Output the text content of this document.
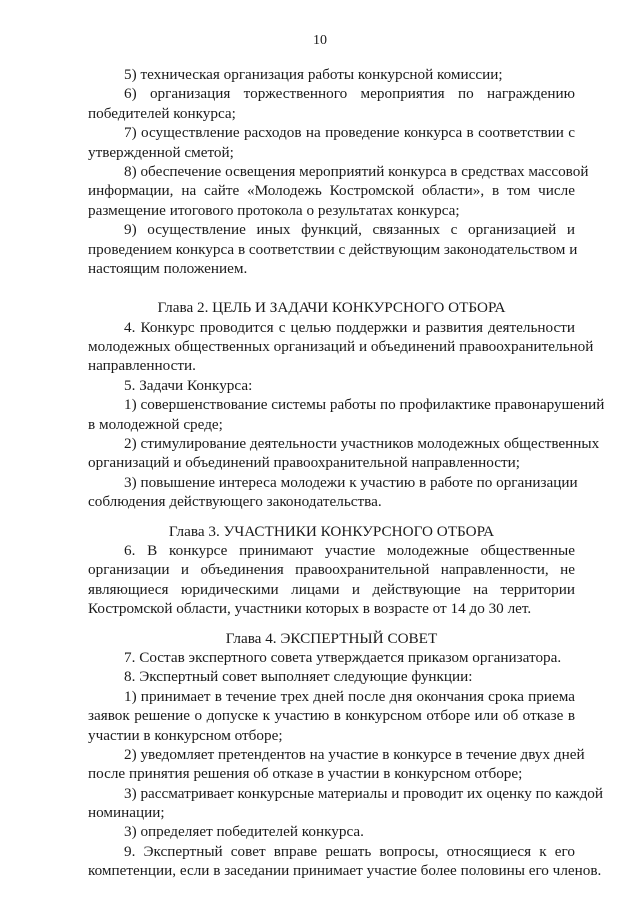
10
5) техническая организация работы конкурсной комиссии;
6) организация торжественного мероприятия по награждению
победителей конкурса;
7) осуществление расходов на проведение конкурса в соответствии с
утвержденной сметой;
8) обеспечение освещения мероприятий конкурса в средствах массовой
информации, на сайте «Молодежь Костромской области», в том числе
размещение итогового протокола о результатах конкурса;
9) осуществление иных функций, связанных с организацией и
проведением конкурса в соответствии с действующим законодательством и
настоящим положением.
Глава 2. ЦЕЛЬ И ЗАДАЧИ КОНКУРСНОГО ОТБОРА
4. Конкурс проводится с целью поддержки и развития деятельности
молодежных общественных организаций и объединений правоохранительной
направленности.
5. Задачи Конкурса:
1) совершенствование системы работы по профилактике правонарушений
в молодежной среде;
2) стимулирование деятельности участников молодежных общественных
организаций и объединений правоохранительной направленности;
3) повышение интереса молодежи к участию в работе по организации
соблюдения действующего законодательства.
Глава 3. УЧАСТНИКИ КОНКУРСНОГО ОТБОРА
6. В конкурсе принимают участие молодежные общественные
организации и объединения правоохранительной направленности, не
являющиеся юридическими лицами и действующие на территории
Костромской области, участники которых в возрасте от 14 до 30 лет.
Глава 4. ЭКСПЕРТНЫЙ СОВЕТ
7. Состав экспертного совета утверждается приказом организатора.
8. Экспертный совет выполняет следующие функции:
1) принимает в течение трех дней после дня окончания срока приема
заявок решение о допуске к участию в конкурсном отборе или об отказе в
участии в конкурсном отборе;
2) уведомляет претендентов на участие в конкурсе в течение двух дней
после принятия решения об отказе в участии в конкурсном отборе;
3) рассматривает конкурсные материалы и проводит их оценку по каждой
номинации;
3) определяет победителей конкурса.
9. Экспертный совет вправе решать вопросы, относящиеся к его
компетенции, если в заседании принимает участие более половины его членов.
